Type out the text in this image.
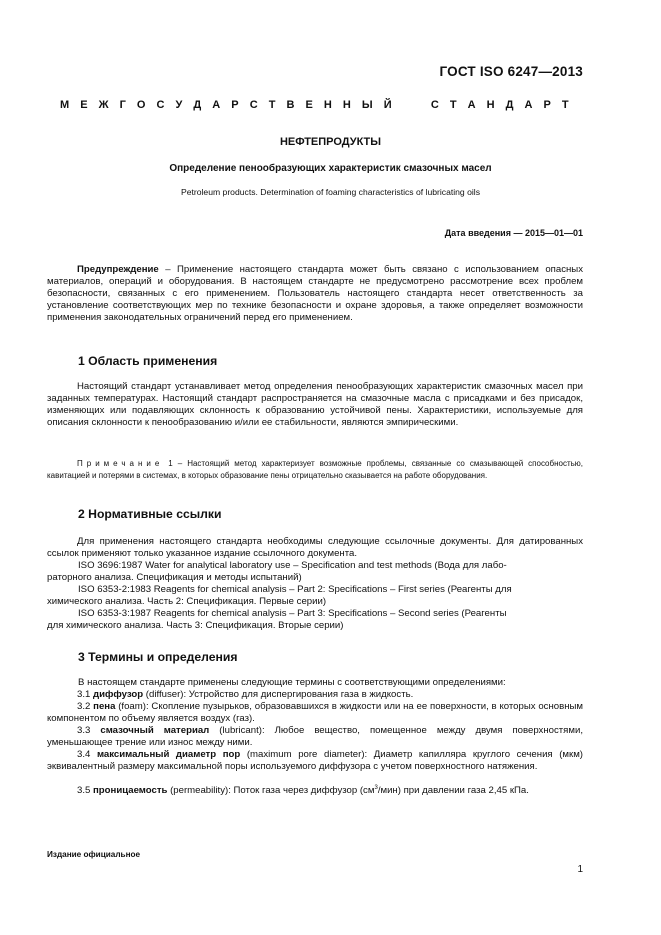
ГОСТ ISO 6247—2013
М Е Ж Г О С У Д А Р С Т В Е Н Н Ы Й

	С Т А Н Д А Р Т
НЕФТЕПРОДУКТЫ
Определение пенообразующих характеристик смазочных масел
Petroleum products. Determination of foaming characteristics of lubricating oils
Дата введения — 2015—01—01
Предупреждение – Применение настоящего стандарта может быть связано с использованием опасных материалов, операций и оборудования. В настоящем стандарте не предусмотрено рассмотрение всех проблем безопасности, связанных с его применением. Пользователь настоящего стандарта несет ответственность за установление соответствующих мер по технике безопасности и охране здоровья, а также определяет возможности применения законодательных ограничений перед его применением.
1 Область применения
Настоящий стандарт устанавливает метод определения пенообразующих характеристик смазочных масел при заданных температурах. Настоящий стандарт распространяется на смазочные масла с присадками и без присадок, изменяющих или подавляющих склонность к образованию устойчивой пены. Характеристики, используемые для описания склонности к пенообразованию и/или ее стабильности, являются эмпирическими.
Примечание 1 – Настоящий метод характеризует возможные проблемы, связанные со смазывающей способностью, кавитацией и потерями в системах, в которых образование пены отрицательно сказывается на работе оборудования.
2 Нормативные ссылки
Для применения настоящего стандарта необходимы следующие ссылочные документы. Для датированных ссылок применяют только указанное издание ссылочного документа.
ISO 3696:1987 Water for analytical laboratory use – Specification and test methods (Вода для лабо-
раторного анализа. Спецификация и методы испытаний)
ISO 6353-2:1983 Reagents for chemical analysis – Part 2: Specifications – First series (Реагенты для
химического анализа. Часть 2: Спецификация. Первые серии)
ISO 6353-3:1987 Reagents for chemical analysis – Part 3: Specifications – Second series (Реагенты
для химического анализа. Часть 3: Спецификация. Вторые серии)
3 Термины и определения
В настоящем стандарте применены следующие термины с соответствующими определениями:
3.1 диффузор (diffuser): Устройство для диспергирования газа в жидкость.
3.2 пена (foam): Скопление пузырьков, образовавшихся в жидкости или на ее поверхности, в которых основным компонентом по объему является воздух (газ).
3.3 смазочный материал (lubricant): Любое вещество, помещенное между двумя поверхностями, уменьшающее трение или износ между ними.
3.4 максимальный диаметр пор (maximum pore diameter): Диаметр капилляра круглого сечения (мкм) эквивалентный размеру максимальной поры используемого диффузора с учетом поверхностного натяжения.
3.5 проницаемость (permeability): Поток газа через диффузор $(см^3/мин)$ при давлении газа 2,45 кПа.
Издание официальное
1
